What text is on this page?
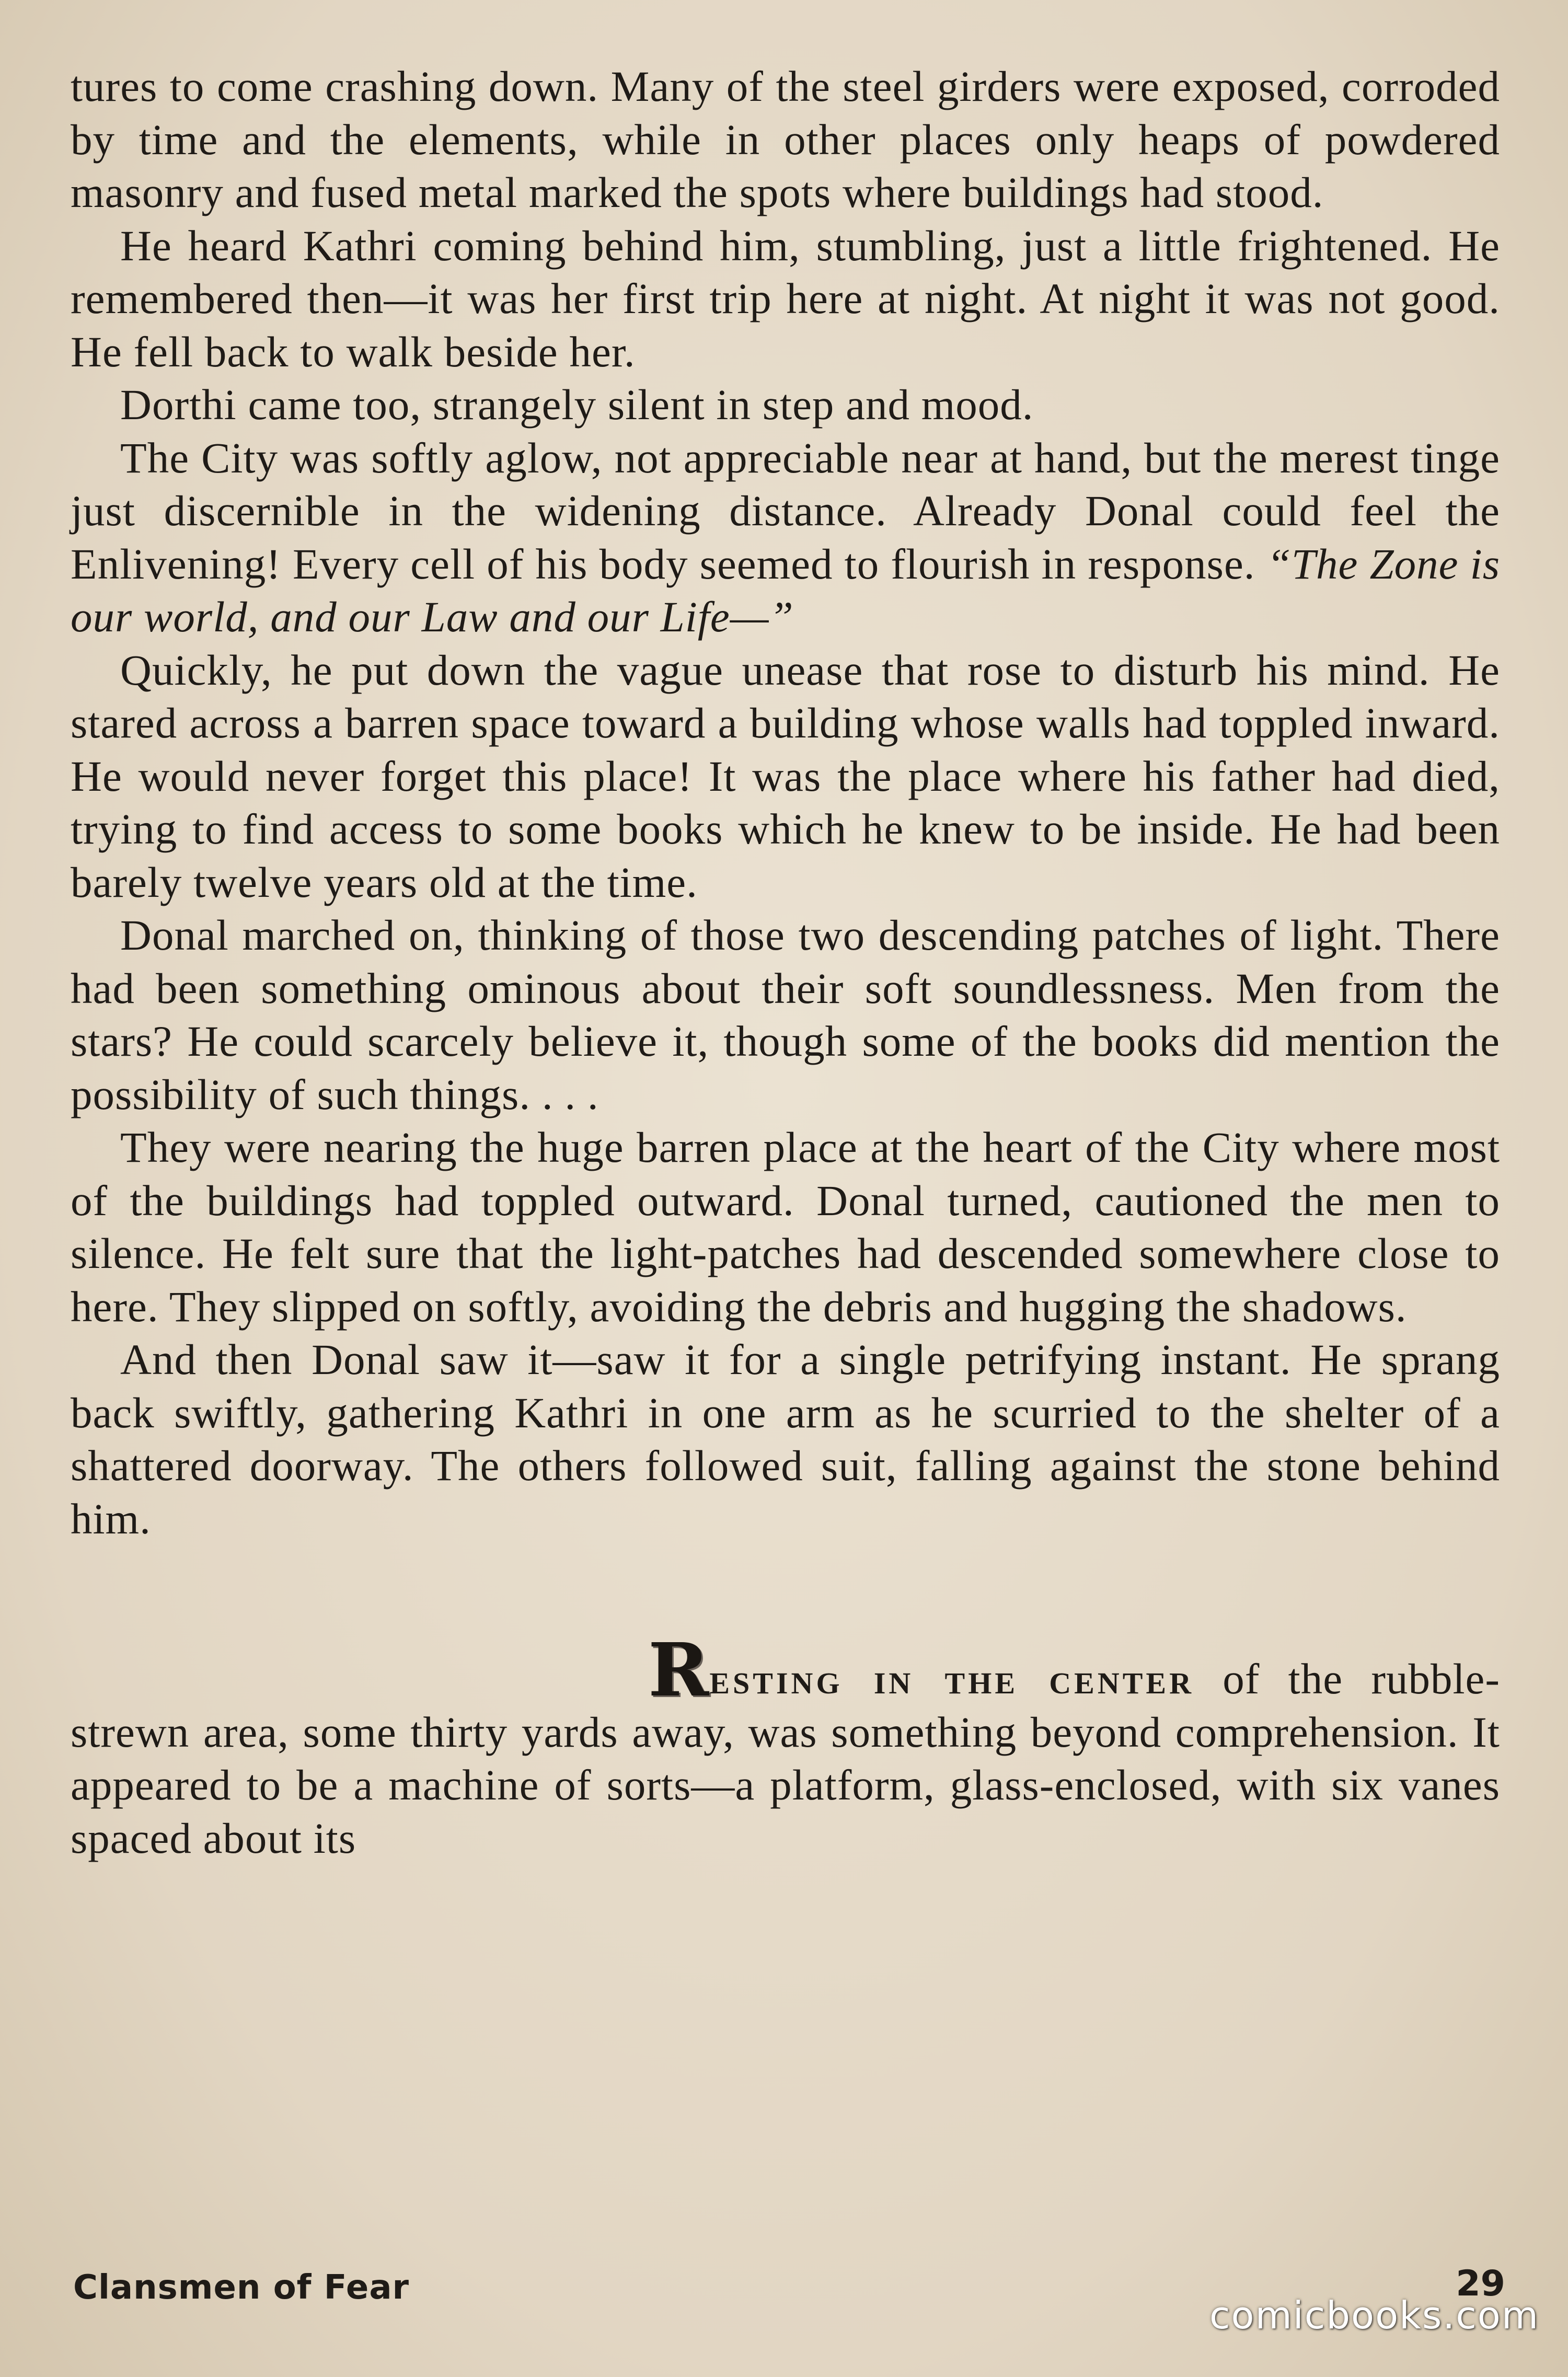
tures to come crashing down. Many of the steel girders were exposed, corroded by time and the elements, while in other places only heaps of powdered masonry and fused metal marked the spots where buildings had stood.

He heard Kathri coming behind him, stumbling, just a little frightened. He remembered then—it was her first trip here at night. At night it was not good. He fell back to walk beside her.

Dorthi came too, strangely silent in step and mood.

The City was softly aglow, not appreciable near at hand, but the merest tinge just discernible in the widening distance. Already Donal could feel the Enlivening! Every cell of his body seemed to flourish in response. “The Zone is our world, and our Law and our Life—”

Quickly, he put down the vague unease that rose to disturb his mind. He stared across a barren space toward a building whose walls had toppled inward. He would never forget this place! It was the place where his father had died, trying to find access to some books which he knew to be inside. He had been barely twelve years old at the time.

Donal marched on, thinking of those two descending patches of light. There had been something ominous about their soft soundlessness. Men from the stars? He could scarcely believe it, though some of the books did mention the possibility of such things. . . .

They were nearing the huge barren place at the heart of the City where most of the buildings had toppled outward. Donal turned, cautioned the men to silence. He felt sure that the light-patches had descended somewhere close to here. They slipped on softly, avoiding the debris and hugging the shadows.

And then Donal saw it—saw it for a single petrifying instant. He sprang back swiftly, gathering Kathri in one arm as he scurried to the shelter of a shattered doorway. The others followed suit, falling against the stone behind him.

Resting in the center of the rubble-strewn area, some thirty yards away, was something beyond comprehension. It appeared to be a machine of sorts—a platform, glass-enclosed, with six vanes spaced about its

Clansmen of Fear	29
comicbooks.com
